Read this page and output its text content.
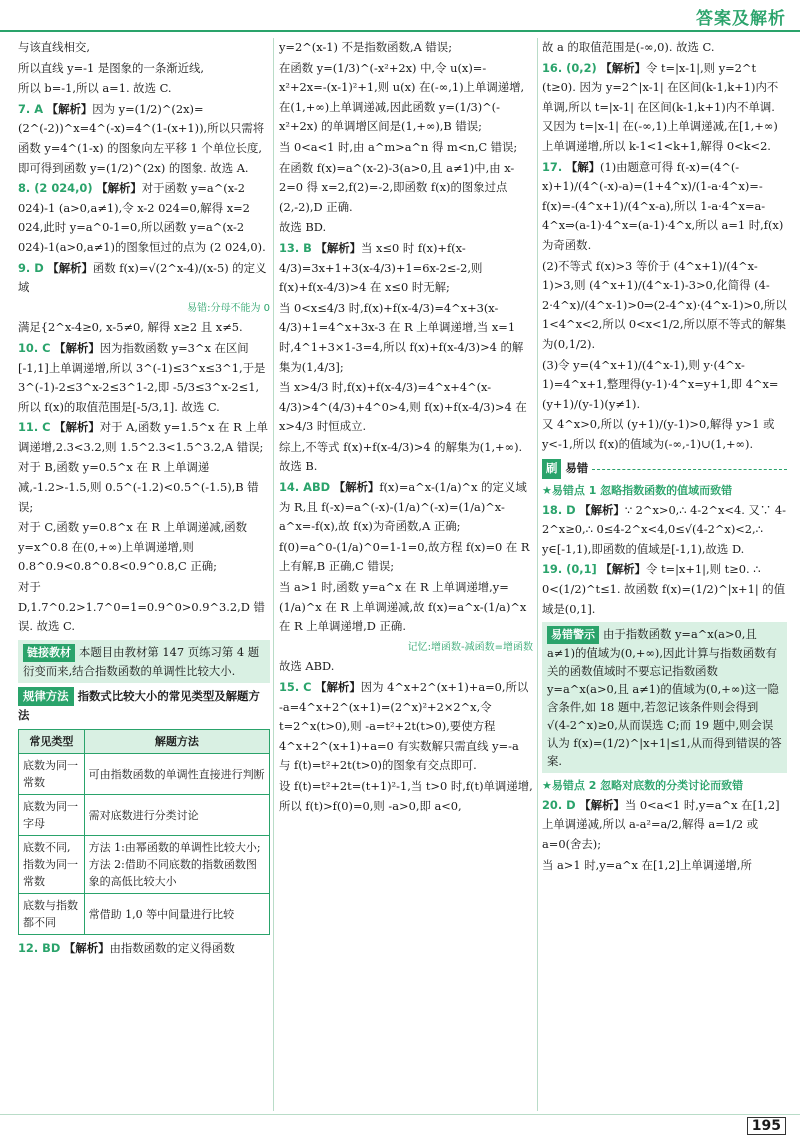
答案及解析
与该直线相交,
所以直线 y=-1 是图象的一条渐近线,
所以 b=-1,所以 a=1. 故选 C.
7. A 【解析】因为 y=(1/2)^(2x)=(2^(-2))^x=4^(-x)=4^(1-(x+1)),所以只需将函数 y=4^(1-x) 的图象向左平移 1 个单位长度,即可得到函数 y=(1/2)^(2x) 的图象. 故选 A.
8. (2 024,0) 【解析】对于函数 y=a^(x-2 024)-1 (a>0,a≠1),令 x-2 024=0,解得 x=2 024,此时 y=a^0-1=0,所以函数 y=a^(x-2 024)-1(a>0,a≠1)的图象恒过的点为 (2 024,0).
9. D 【解析】函数 f(x)=√(2^x-4)/(x-5) 的定义域
易错:分母不能为 0
满足{2^x-4≥0, x-5≠0, 解得 x≥2 且 x≠5.
10. C 【解析】因为指数函数 y=3^x 在区间[-1,1]上单调递增,所以 3^(-1)≤3^x≤3^1,于是 3^(-1)-2≤3^x-2≤3^1-2,即 -5/3≤3^x-2≤1,所以 f(x)的取值范围是[-5/3,1]. 故选 C.
11. C 【解析】对于 A,函数 y=1.5^x 在 R 上单调递增,2.3<3.2,则 1.5^2.3<1.5^3.2,A 错误;
对于 B,函数 y=0.5^x 在 R 上单调递减,-1.2>-1.5,则 0.5^(-1.2)<0.5^(-1.5),B 错误;
对于 C,函数 y=0.8^x 在 R 上单调递减,函数 y=x^0.8 在(0,+∞)上单调递增,则 0.8^0.9<0.8^0.8<0.9^0.8,C 正确;
对于 D,1.7^0.2>1.7^0=1=0.9^0>0.9^3.2,D 错误. 故选 C.
链接教材 本题目由教材第 147 页练习第 4 题衍变而来,结合指数函数的单调性比较大小.
规律方法 指数式比较大小的常见类型及解题方法
常见类型	解题方法
底数为同一常数	可由指数函数的单调性直接进行判断
底数为同一字母	需对底数进行分类讨论
底数不同,指数为同一常数	方法 1:由幂函数的单调性比较大小; 方法 2:借助不同底数的指数函数图象的高低比较大小
底数与指数都不同	常借助 1,0 等中间量进行比较
12. BD 【解析】由指数函数的定义得函数
y=2^(x-1) 不是指数函数,A 错误;
在函数 y=(1/3)^(-x²+2x) 中,令 u(x)=-x²+2x=-(x-1)²+1,则 u(x) 在(-∞,1)上单调递增,在(1,+∞)上单调递减,因此函数 y=(1/3)^(-x²+2x) 的单调增区间是(1,+∞),B 错误;
当 0<a<1 时,由 a^m>a^n 得 m<n,C 错误;
在函数 f(x)=a^(x-2)-3(a>0,且 a≠1)中,由 x-2=0 得 x=2,f(2)=-2,即函数 f(x)的图象过点(2,-2),D 正确.
故选 BD.
13. B 【解析】当 x≤0 时 f(x)+f(x-4/3)=3x+1+3(x-4/3)+1=6x-2≤-2,则 f(x)+f(x-4/3)>4 在 x≤0 时无解;
当 0<x≤4/3 时,f(x)+f(x-4/3)=4^x+3(x-4/3)+1=4^x+3x-3 在 R 上单调递增,当 x=1 时,4^1+3×1-3=4,所以 f(x)+f(x-4/3)>4 的解集为(1,4/3];
当 x>4/3 时,f(x)+f(x-4/3)=4^x+4^(x-4/3)>4^(4/3)+4^0>4,则 f(x)+f(x-4/3)>4 在 x>4/3 时恒成立.
综上,不等式 f(x)+f(x-4/3)>4 的解集为(1,+∞). 故选 B.
14. ABD 【解析】f(x)=a^x-(1/a)^x 的定义域为 R,且 f(-x)=a^(-x)-(1/a)^(-x)=(1/a)^x-a^x=-f(x),故 f(x)为奇函数,A 正确;
f(0)=a^0-(1/a)^0=1-1=0,故方程 f(x)=0 在 R 上有解,B 正确,C 错误;
当 a>1 时,函数 y=a^x 在 R 上单调递增,y=(1/a)^x 在 R 上单调递减,故 f(x)=a^x-(1/a)^x 在 R 上单调递增,D 正确.
记忆:增函数-减函数=增函数
故选 ABD.
15. C 【解析】因为 4^x+2^(x+1)+a=0,所以 -a=4^x+2^(x+1)=(2^x)²+2×2^x,令 t=2^x(t>0),则 -a=t²+2t(t>0),要使方程 4^x+2^(x+1)+a=0 有实数解只需直线 y=-a 与 f(t)=t²+2t(t>0)的图象有交点即可.
设 f(t)=t²+2t=(t+1)²-1,当 t>0 时,f(t)单调递增,所以 f(t)>f(0)=0,则 -a>0,即 a<0,
故 a 的取值范围是(-∞,0). 故选 C.
16. (0,2) 【解析】令 t=|x-1|,则 y=2^t (t≥0). 因为 y=2^|x-1| 在区间(k-1,k+1)内不单调,所以 t=|x-1| 在区间(k-1,k+1)内不单调. 又因为 t=|x-1| 在(-∞,1)上单调递减,在[1,+∞)上单调递增,所以 k-1<1<k+1,解得 0<k<2.
17. 【解】(1)由题意可得 f(-x)=(4^(-x)+1)/(4^(-x)-a)=(1+4^x)/(1-a·4^x)=-f(x)=-(4^x+1)/(4^x-a),所以 1-a·4^x=a-4^x⇒(a-1)·4^x=(a-1)·4^x,所以 a=1 时,f(x)为奇函数.
(2)不等式 f(x)>3 等价于 (4^x+1)/(4^x-1)>3,则 (4^x+1)/(4^x-1)-3>0,化简得 (4-2·4^x)/(4^x-1)>0⇒(2-4^x)·(4^x-1)>0,所以 1<4^x<2,所以 0<x<1/2,所以原不等式的解集为(0,1/2).
(3)令 y=(4^x+1)/(4^x-1),则 y·(4^x-1)=4^x+1,整理得(y-1)·4^x=y+1,即 4^x=(y+1)/(y-1)(y≠1).
又 4^x>0,所以 (y+1)/(y-1)>0,解得 y>1 或 y<-1,所以 f(x)的值域为(-∞,-1)∪(1,+∞).
刷 易错
★易错点 1 忽略指数函数的值域而致错
18. D 【解析】∵ 2^x>0,∴ 4-2^x<4. 又∵ 4-2^x≥0,∴ 0≤4-2^x<4,0≤√(4-2^x)<2,∴ y∈[-1,1),即函数的值域是[-1,1),故选 D.
19. (0,1] 【解析】令 t=|x+1|,则 t≥0. ∴ 0<(1/2)^t≤1. 故函数 f(x)=(1/2)^|x+1| 的值域是(0,1].
易错警示 由于指数函数 y=a^x(a>0,且 a≠1)的值域为(0,+∞),因此计算与指数函数有关的函数值域时不要忘记指数函数 y=a^x(a>0,且 a≠1)的值域为(0,+∞)这一隐含条件,如 18 题中,若忽记该条件则会得到 √(4-2^x)≥0,从而误选 C;而 19 题中,则会误认为 f(x)=(1/2)^|x+1|≤1,从而得到错误的答案.
★易错点 2 忽略对底数的分类讨论而致错
20. D 【解析】当 0<a<1 时,y=a^x 在[1,2]上单调递减,所以 a-a²=a/2,解得 a=1/2 或 a=0(舍去);
当 a>1 时,y=a^x 在[1,2]上单调递增,所
195
